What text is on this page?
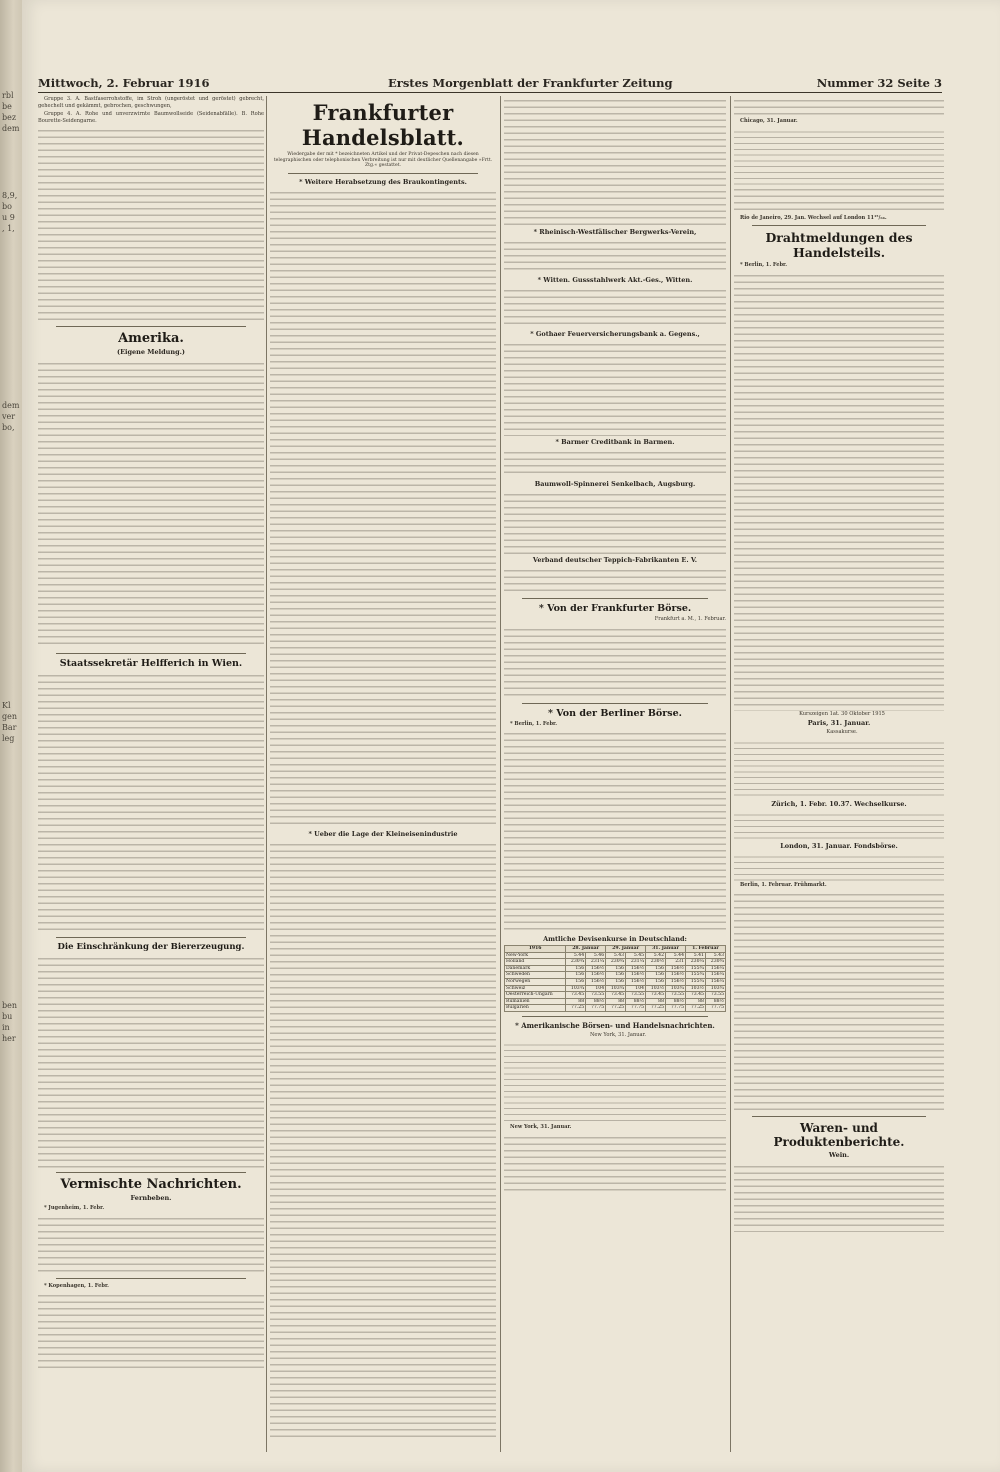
rbl
be
bez
dem
8,9,
bo
u 9
, 1,
dem
ver
bo,
Kl
gen
Bar
leg
ben
bu
in
her
Mittwoch, 2. Februar 1916	Erstes Morgenblatt der Frankfurter Zeitung	Nummer 32 Seite 3

Gruppe 3. A. Bastfaserrohstoffe, im Stroh (ungeröstet und geröstet) gebrecht, gehechelt und gekämmt, gebrochen, geschwungen,

Gruppe 4. A. Rohe und unverzwirnte Baumwollseide (Seidenabfälle). B. Rohe Bourette-Seidengarne.

Amerika.
(Eigene Meldung.)
Staatssekretär Helfferich in Wien.
Die Einschränkung der Biererzeugung.
Vermischte Nachrichten.
Fernbeben.

* Jugenheim, 1. Febr.

* Kopenhagen, 1. Febr.

Frankfurter Handelsblatt.

Wiedergabe der mit * bezeichneten Artikel und der Privat-Depeschen nach diesen telegraphischen oder telephonischen Verbreitung ist nur mit deutlicher Quellenangabe »Frtt. Ztg.« gestattet.

* Weitere Herabsetzung des Braukontingents.
* Ueber die Lage der Kleineisenindustrie
* Rheinisch-Westfälischer Bergwerks-Verein,
* Witten. Gussstahlwerk Akt.-Ges., Witten.
* Gothaer Feuerversicherungsbank a. Gegens.,
* Barmer Creditbank in Barmen.
Baumwoll-Spinnerei Senkelbach, Augsburg.
Verband deutscher Teppich-Fabrikanten E. V.
* Von der Frankfurter Börse.

Frankfurt a. M., 1. Februar.

* Von der Berliner Börse.

* Berlin, 1. Febr.

Amtliche Devisenkurse in Deutschland:
1916	28. Januar		29. Januar		31. Januar		1. Februar	
New-York	5.44	5.46	5.43	5.45	5.42	5.44	5.41	5.43
Holland	230¾	231¼	230¾	231¼	230½	231	230¼	230¾
Dänemark	156	156½	156	156½	156	156½	155¾	156¼
Schweden	156	156½	156	156½	156	156½	155¾	156¼
Norwegen	156	156½	156	156½	156	156½	155¾	156¼
Schweiz	103¾	104	103¾	104	103½	103¾	103½	103¾
Oesterreich-Ungarn	73.45	73.55	73.45	73.55	73.45	73.55	73.45	73.55
Rumänien	88	88½	88	88½	88	88½	88	88½
Bulgarien	77.25	77.75	77.25	77.75	77.25	77.75	77.25	77.75
* Amerikanische Börsen- und Handelsnachrichten.

New York, 31. Januar.

New York, 31. Januar.

Chicago, 31. Januar.

Rio de Janeiro, 29. Jan. Wechsel auf London 11¹⁵/₆₄.

Drahtmeldungen des Handelsteils.

* Berlin, 1. Febr.

Kurszeigen 1at. 30 Oktober 1915

Paris, 31. Januar.

Kassakurse.

Zürich, 1. Febr. 10.37. Wechselkurse.
London, 31. Januar. Fondsbörse.

Berlin, 1. Februar. Frühmarkt.

Waren- und Produktenberichte.
Wein.
